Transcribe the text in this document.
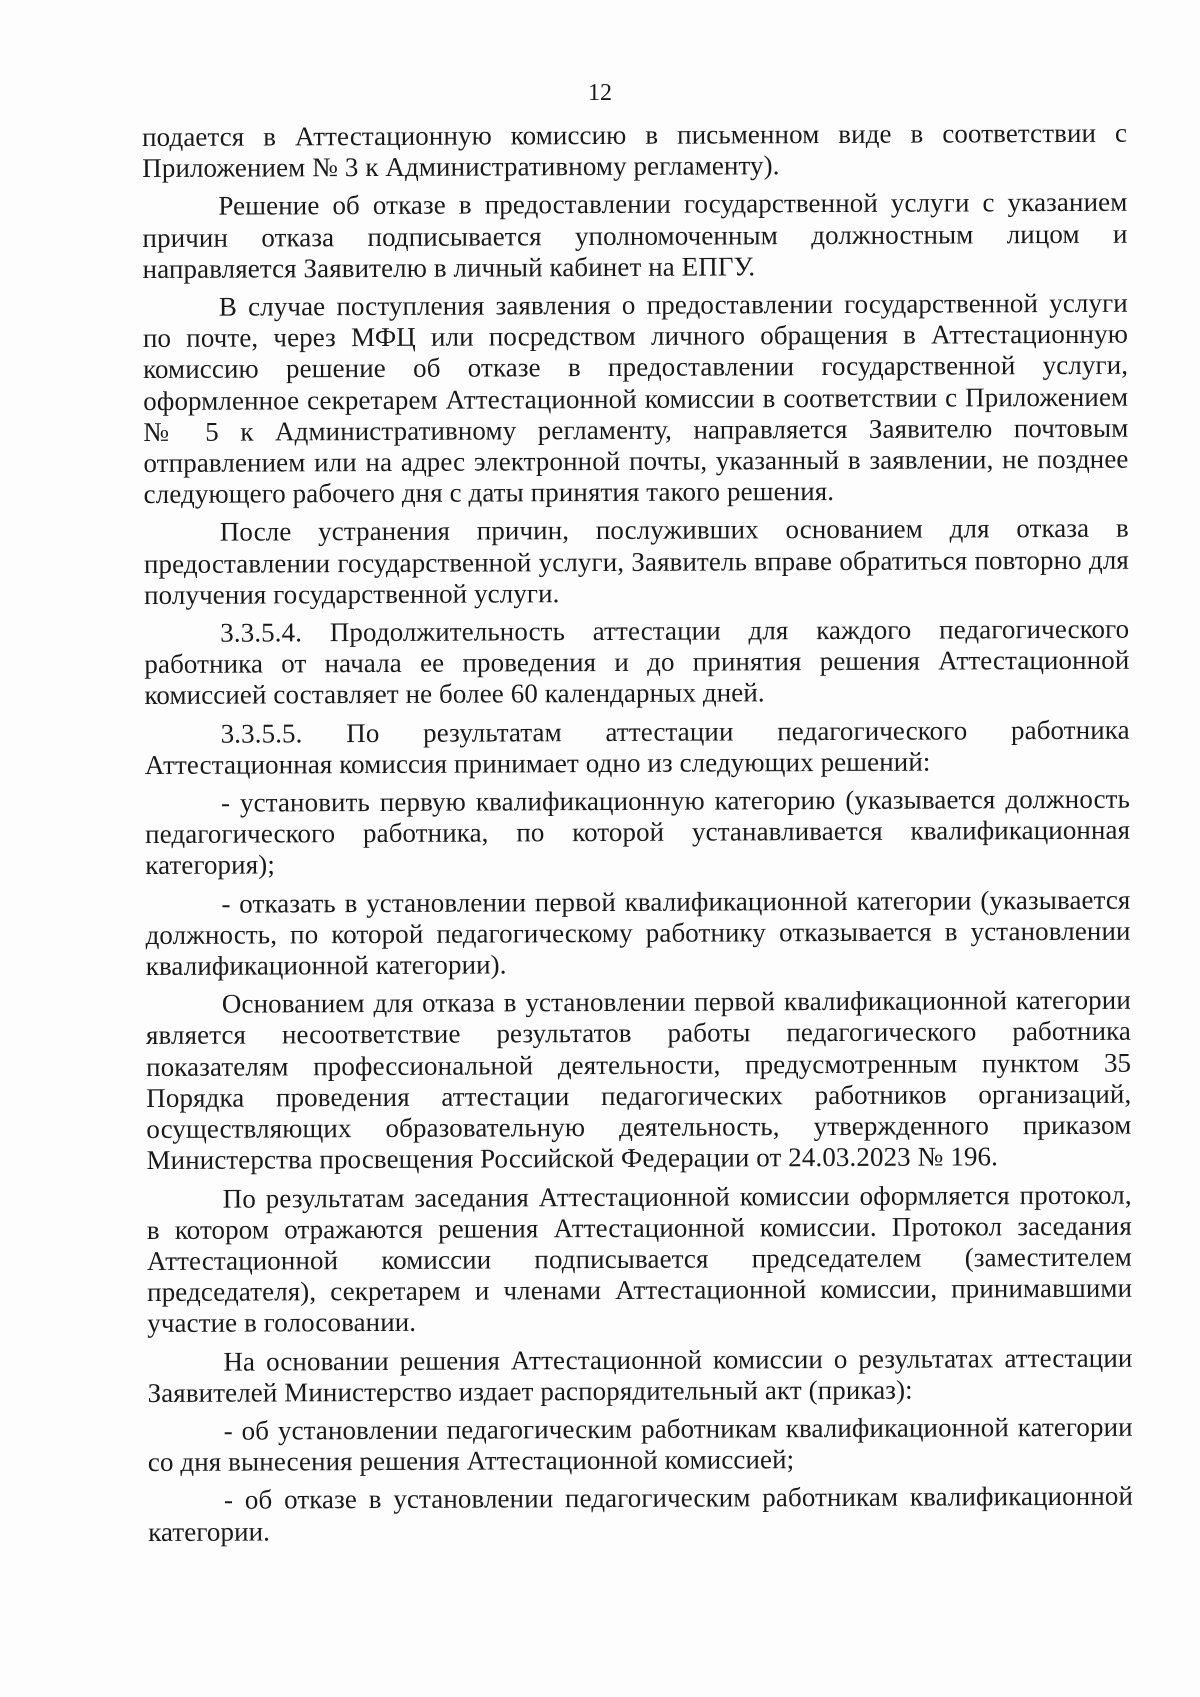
12

подается в Аттестационную комиссию в письменном виде в соответствии с Приложением № 3 к Административному регламенту).

Решение об отказе в предоставлении государственной услуги с указанием причин отказа подписывается уполномоченным должностным лицом и направляется Заявителю в личный кабинет на ЕПГУ.

В случае поступления заявления о предоставлении государственной услуги по почте, через МФЦ или посредством личного обращения в Аттестационную комиссию решение об отказе в предоставлении государственной услуги, оформленное секретарем Аттестационной комиссии в соответствии с Приложением № 5 к Административному регламенту, направляется Заявителю почтовым отправлением или на адрес электронной почты, указанный в заявлении, не позднее следующего рабочего дня с даты принятия такого решения.

После устранения причин, послуживших основанием для отказа в предоставлении государственной услуги, Заявитель вправе обратиться повторно для получения государственной услуги.

3.3.5.4. Продолжительность аттестации для каждого педагогического работника от начала ее проведения и до принятия решения Аттестационной комиссией составляет не более 60 календарных дней.

3.3.5.5. По результатам аттестации педагогического работника Аттестационная комиссия принимает одно из следующих решений:

- установить первую квалификационную категорию (указывается должность педагогического работника, по которой устанавливается квалификационная категория);

- отказать в установлении первой квалификационной категории (указывается должность, по которой педагогическому работнику отказывается в установлении квалификационной категории).

Основанием для отказа в установлении первой квалификационной категории является несоответствие результатов работы педагогического работника показателям профессиональной деятельности, предусмотренным пунктом 35 Порядка проведения аттестации педагогических работников организаций, осуществляющих образовательную деятельность, утвержденного приказом Министерства просвещения Российской Федерации от 24.03.2023 № 196.

По результатам заседания Аттестационной комиссии оформляется протокол, в котором отражаются решения Аттестационной комиссии. Протокол заседания Аттестационной комиссии подписывается председателем (заместителем председателя), секретарем и членами Аттестационной комиссии, принимавшими участие в голосовании.

На основании решения Аттестационной комиссии о результатах аттестации Заявителей Министерство издает распорядительный акт (приказ):

- об установлении педагогическим работникам квалификационной категории со дня вынесения решения Аттестационной комиссией;

- об отказе в установлении педагогическим работникам квалификационной категории.
